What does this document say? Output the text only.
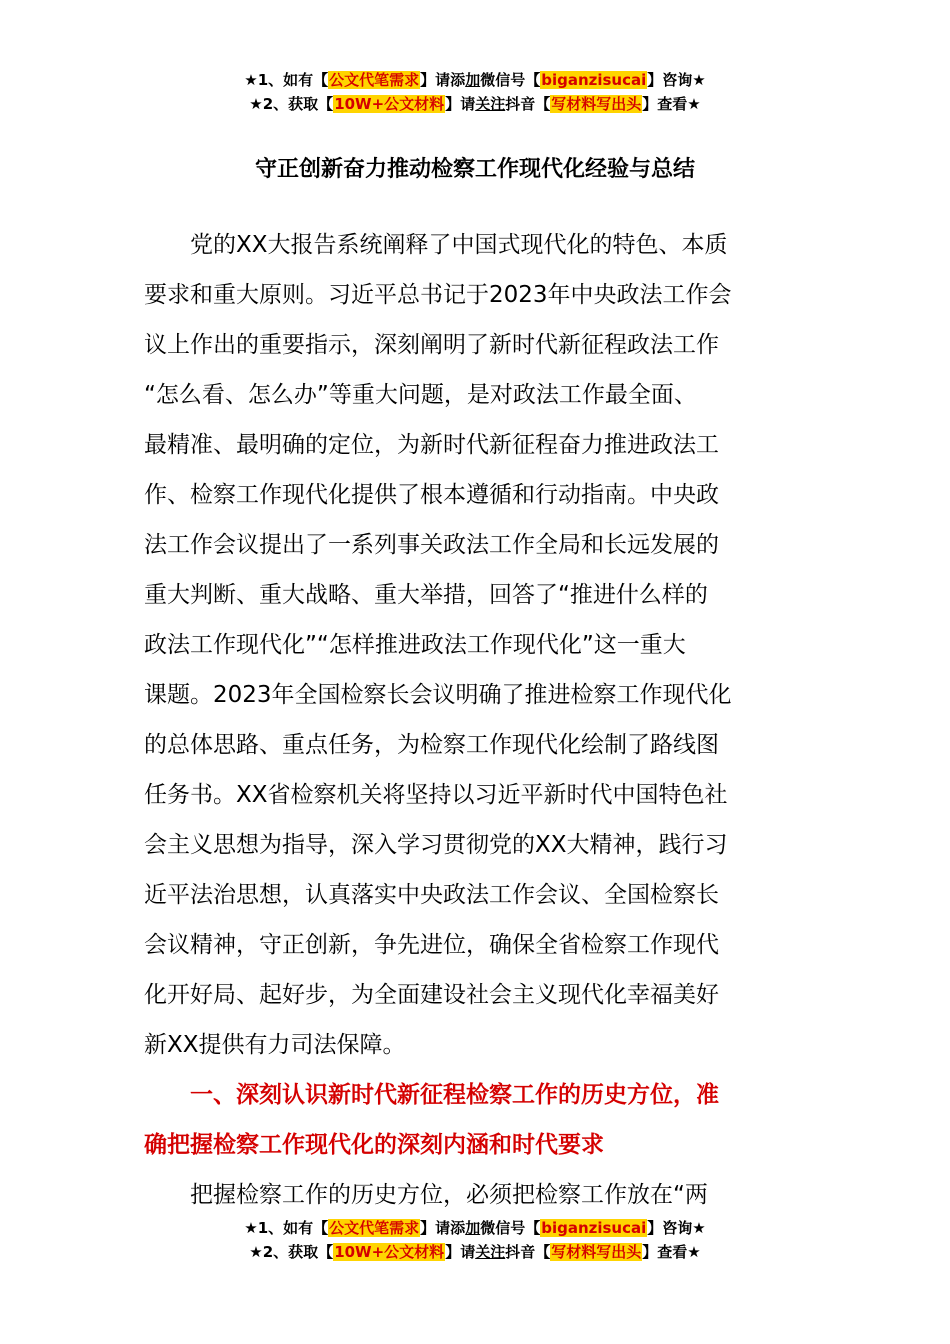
★1、如有【公文代笔需求】请添加微信号【biganzisucai】咨询★
★2、获取【10W+公文材料】请关注抖音【写材料写出头】查看★
守正创新奋力推动检察工作现代化经验与总结
党的XX大报告系统阐释了中国式现代化的特色、本质
要求和重大原则。习近平总书记于2023年中央政法工作会
议上作出的重要指示，深刻阐明了新时代新征程政法工作
“怎么看、怎么办”等重大问题，是对政法工作最全面、
最精准、最明确的定位，为新时代新征程奋力推进政法工
作、检察工作现代化提供了根本遵循和行动指南。中央政
法工作会议提出了一系列事关政法工作全局和长远发展的
重大判断、重大战略、重大举措，回答了“推进什么样的
政法工作现代化”“怎样推进政法工作现代化”这一重大
课题。2023年全国检察长会议明确了推进检察工作现代化
的总体思路、重点任务，为检察工作现代化绘制了路线图
任务书。XX省检察机关将坚持以习近平新时代中国特色社
会主义思想为指导，深入学习贯彻党的XX大精神，践行习
近平法治思想，认真落实中央政法工作会议、全国检察长
会议精神，守正创新，争先进位，确保全省检察工作现代
化开好局、起好步，为全面建设社会主义现代化幸福美好
新XX提供有力司法保障。
一、深刻认识新时代新征程检察工作的历史方位，准
确把握检察工作现代化的深刻内涵和时代要求
把握检察工作的历史方位，必须把检察工作放在“两
★1、如有【公文代笔需求】请添加微信号【biganzisucai】咨询★
★2、获取【10W+公文材料】请关注抖音【写材料写出头】查看★
